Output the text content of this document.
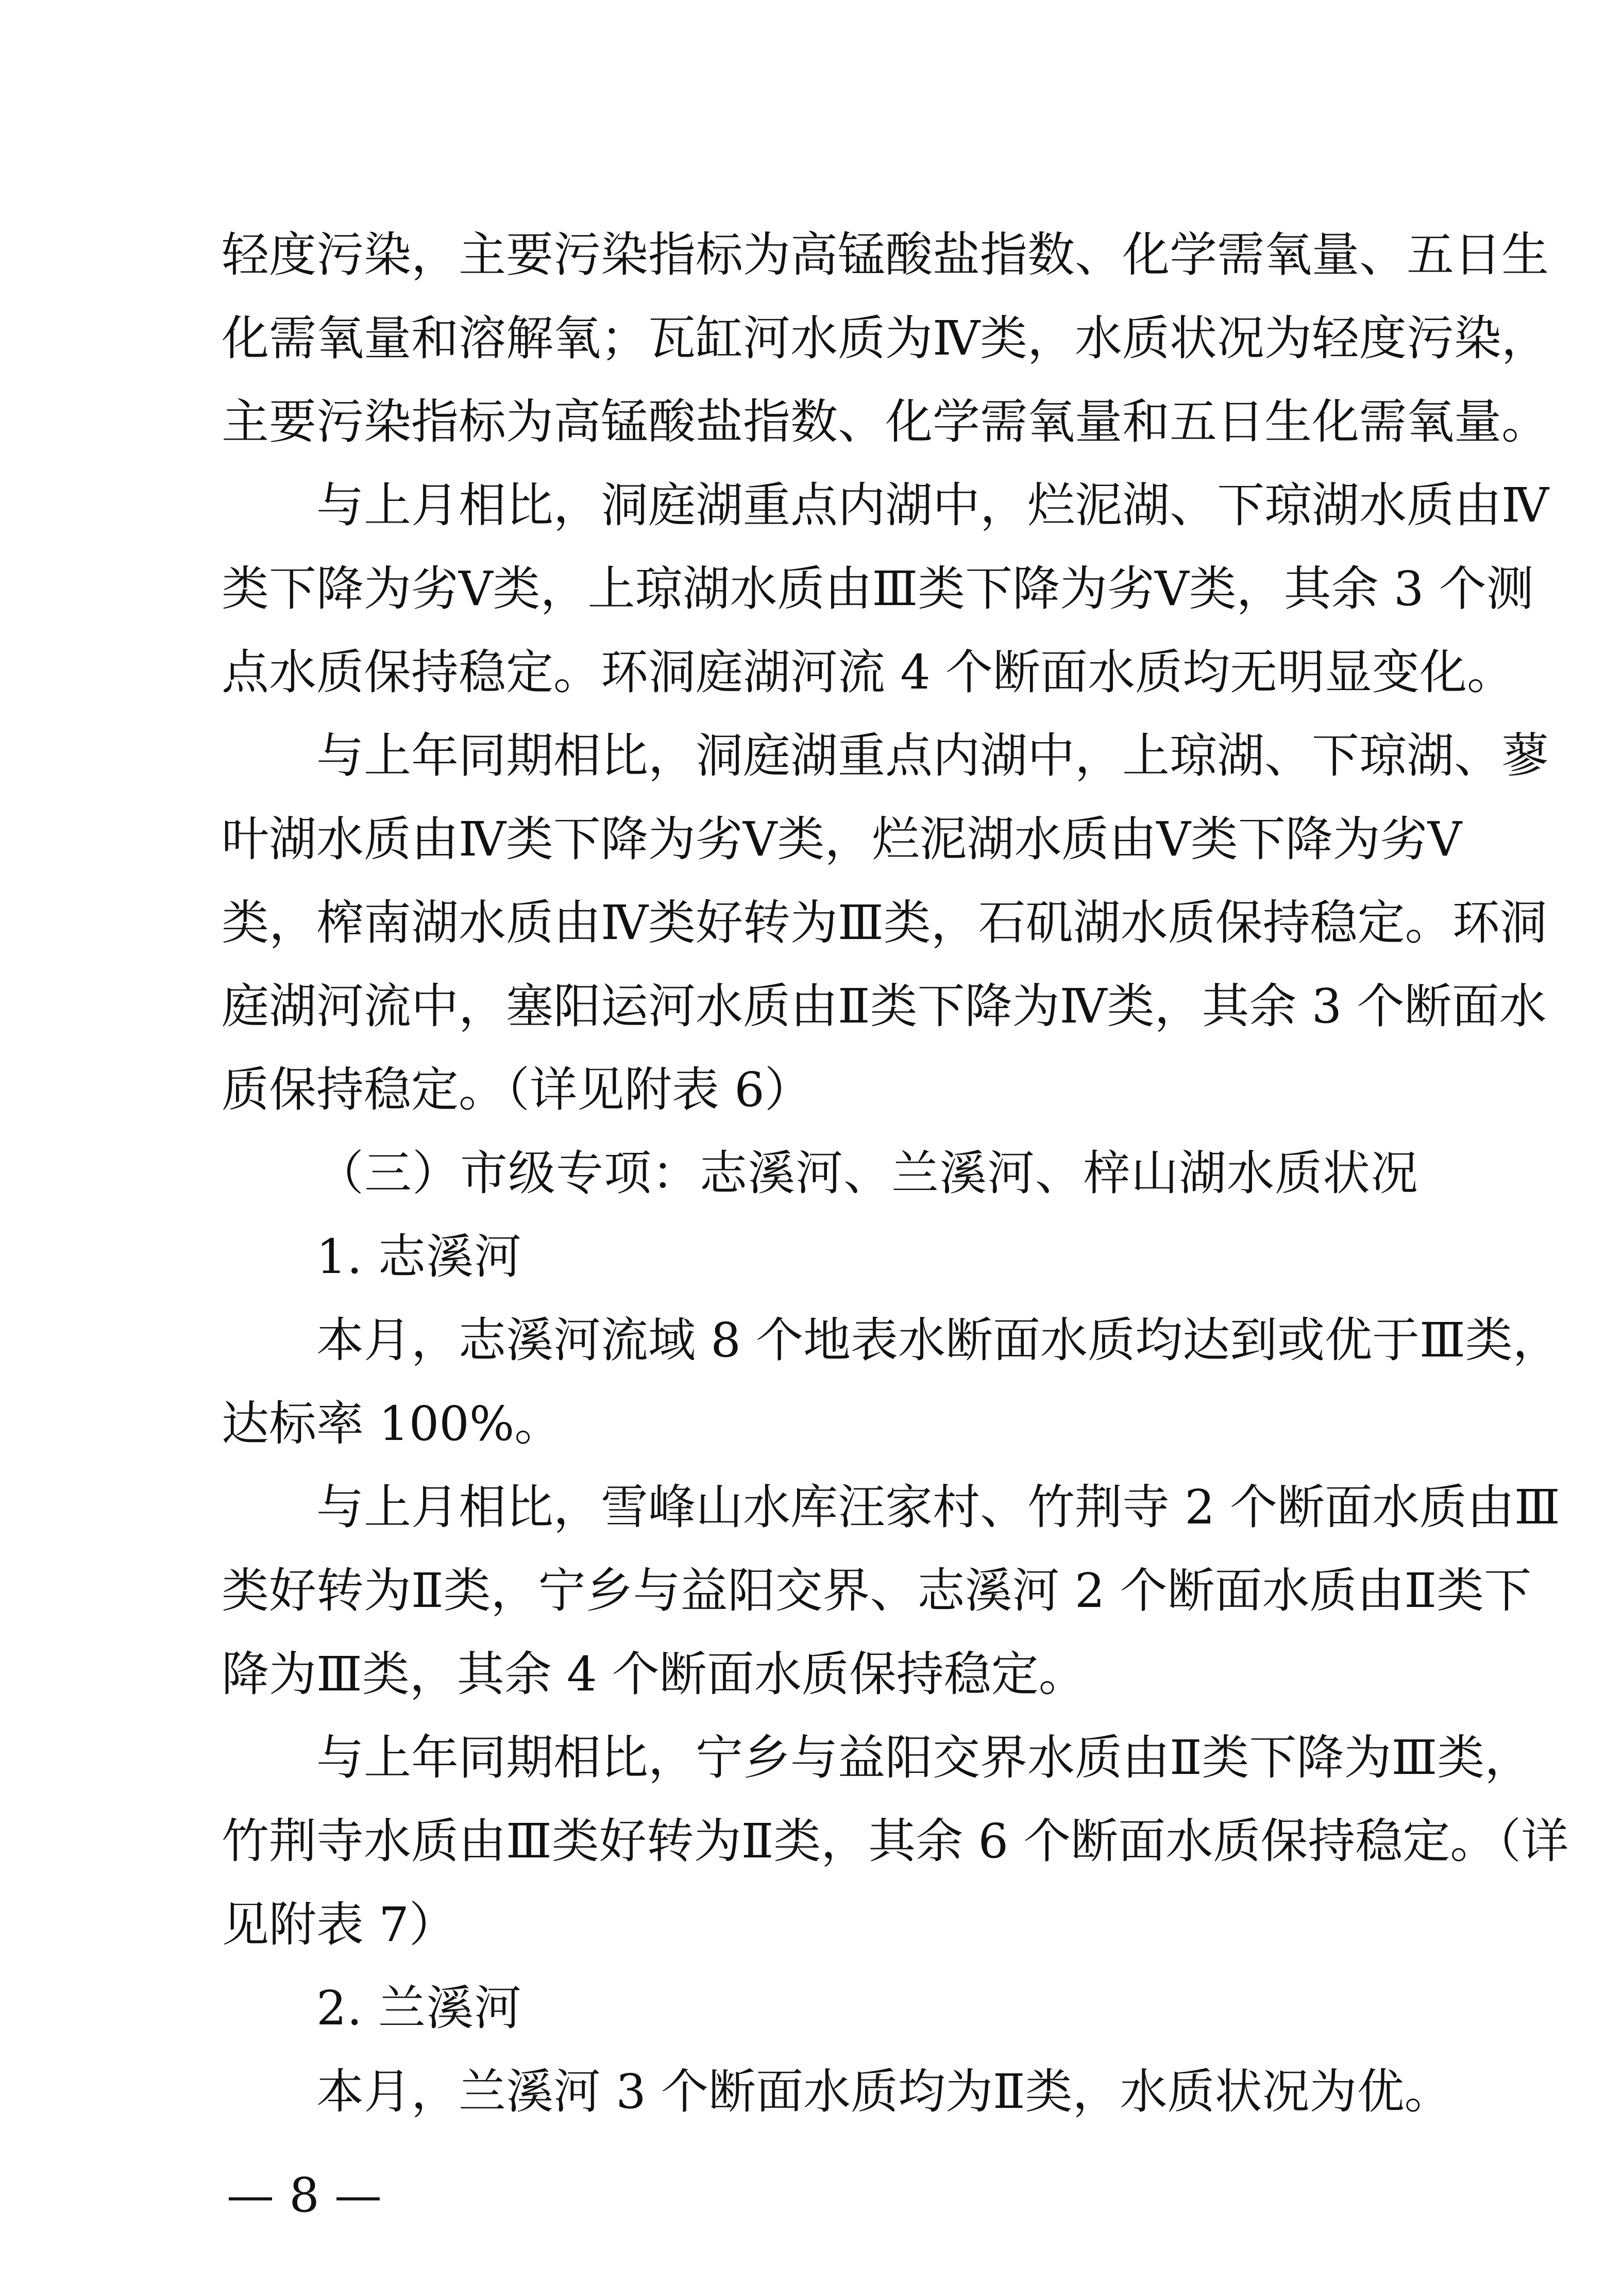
轻度污染，主要污染指标为高锰酸盐指数、化学需氧量、五日生
化需氧量和溶解氧；瓦缸河水质为Ⅳ类，水质状况为轻度污染，
主要污染指标为高锰酸盐指数、化学需氧量和五日生化需氧量。
与上月相比，洞庭湖重点内湖中，烂泥湖、下琼湖水质由Ⅳ
类下降为劣Ⅴ类，上琼湖水质由Ⅲ类下降为劣Ⅴ类，其余 3 个测
点水质保持稳定。环洞庭湖河流 4 个断面水质均无明显变化。
与上年同期相比，洞庭湖重点内湖中，上琼湖、下琼湖、蓼
叶湖水质由Ⅳ类下降为劣Ⅴ类，烂泥湖水质由Ⅴ类下降为劣Ⅴ
类，榨南湖水质由Ⅳ类好转为Ⅲ类，石矶湖水质保持稳定。环洞
庭湖河流中，塞阳运河水质由Ⅱ类下降为Ⅳ类，其余 3 个断面水
质保持稳定。（详见附表 6）
（三）市级专项：志溪河、兰溪河、梓山湖水质状况
1. 志溪河
本月，志溪河流域 8 个地表水断面水质均达到或优于Ⅲ类，
达标率 100%。
与上月相比，雪峰山水库汪家村、竹荆寺 2 个断面水质由Ⅲ
类好转为Ⅱ类，宁乡与益阳交界、志溪河 2 个断面水质由Ⅱ类下
降为Ⅲ类，其余 4 个断面水质保持稳定。
与上年同期相比，宁乡与益阳交界水质由Ⅱ类下降为Ⅲ类，
竹荆寺水质由Ⅲ类好转为Ⅱ类，其余 6 个断面水质保持稳定。（详
见附表 7）
2. 兰溪河
本月，兰溪河 3 个断面水质均为Ⅱ类，水质状况为优。
— 8 —
